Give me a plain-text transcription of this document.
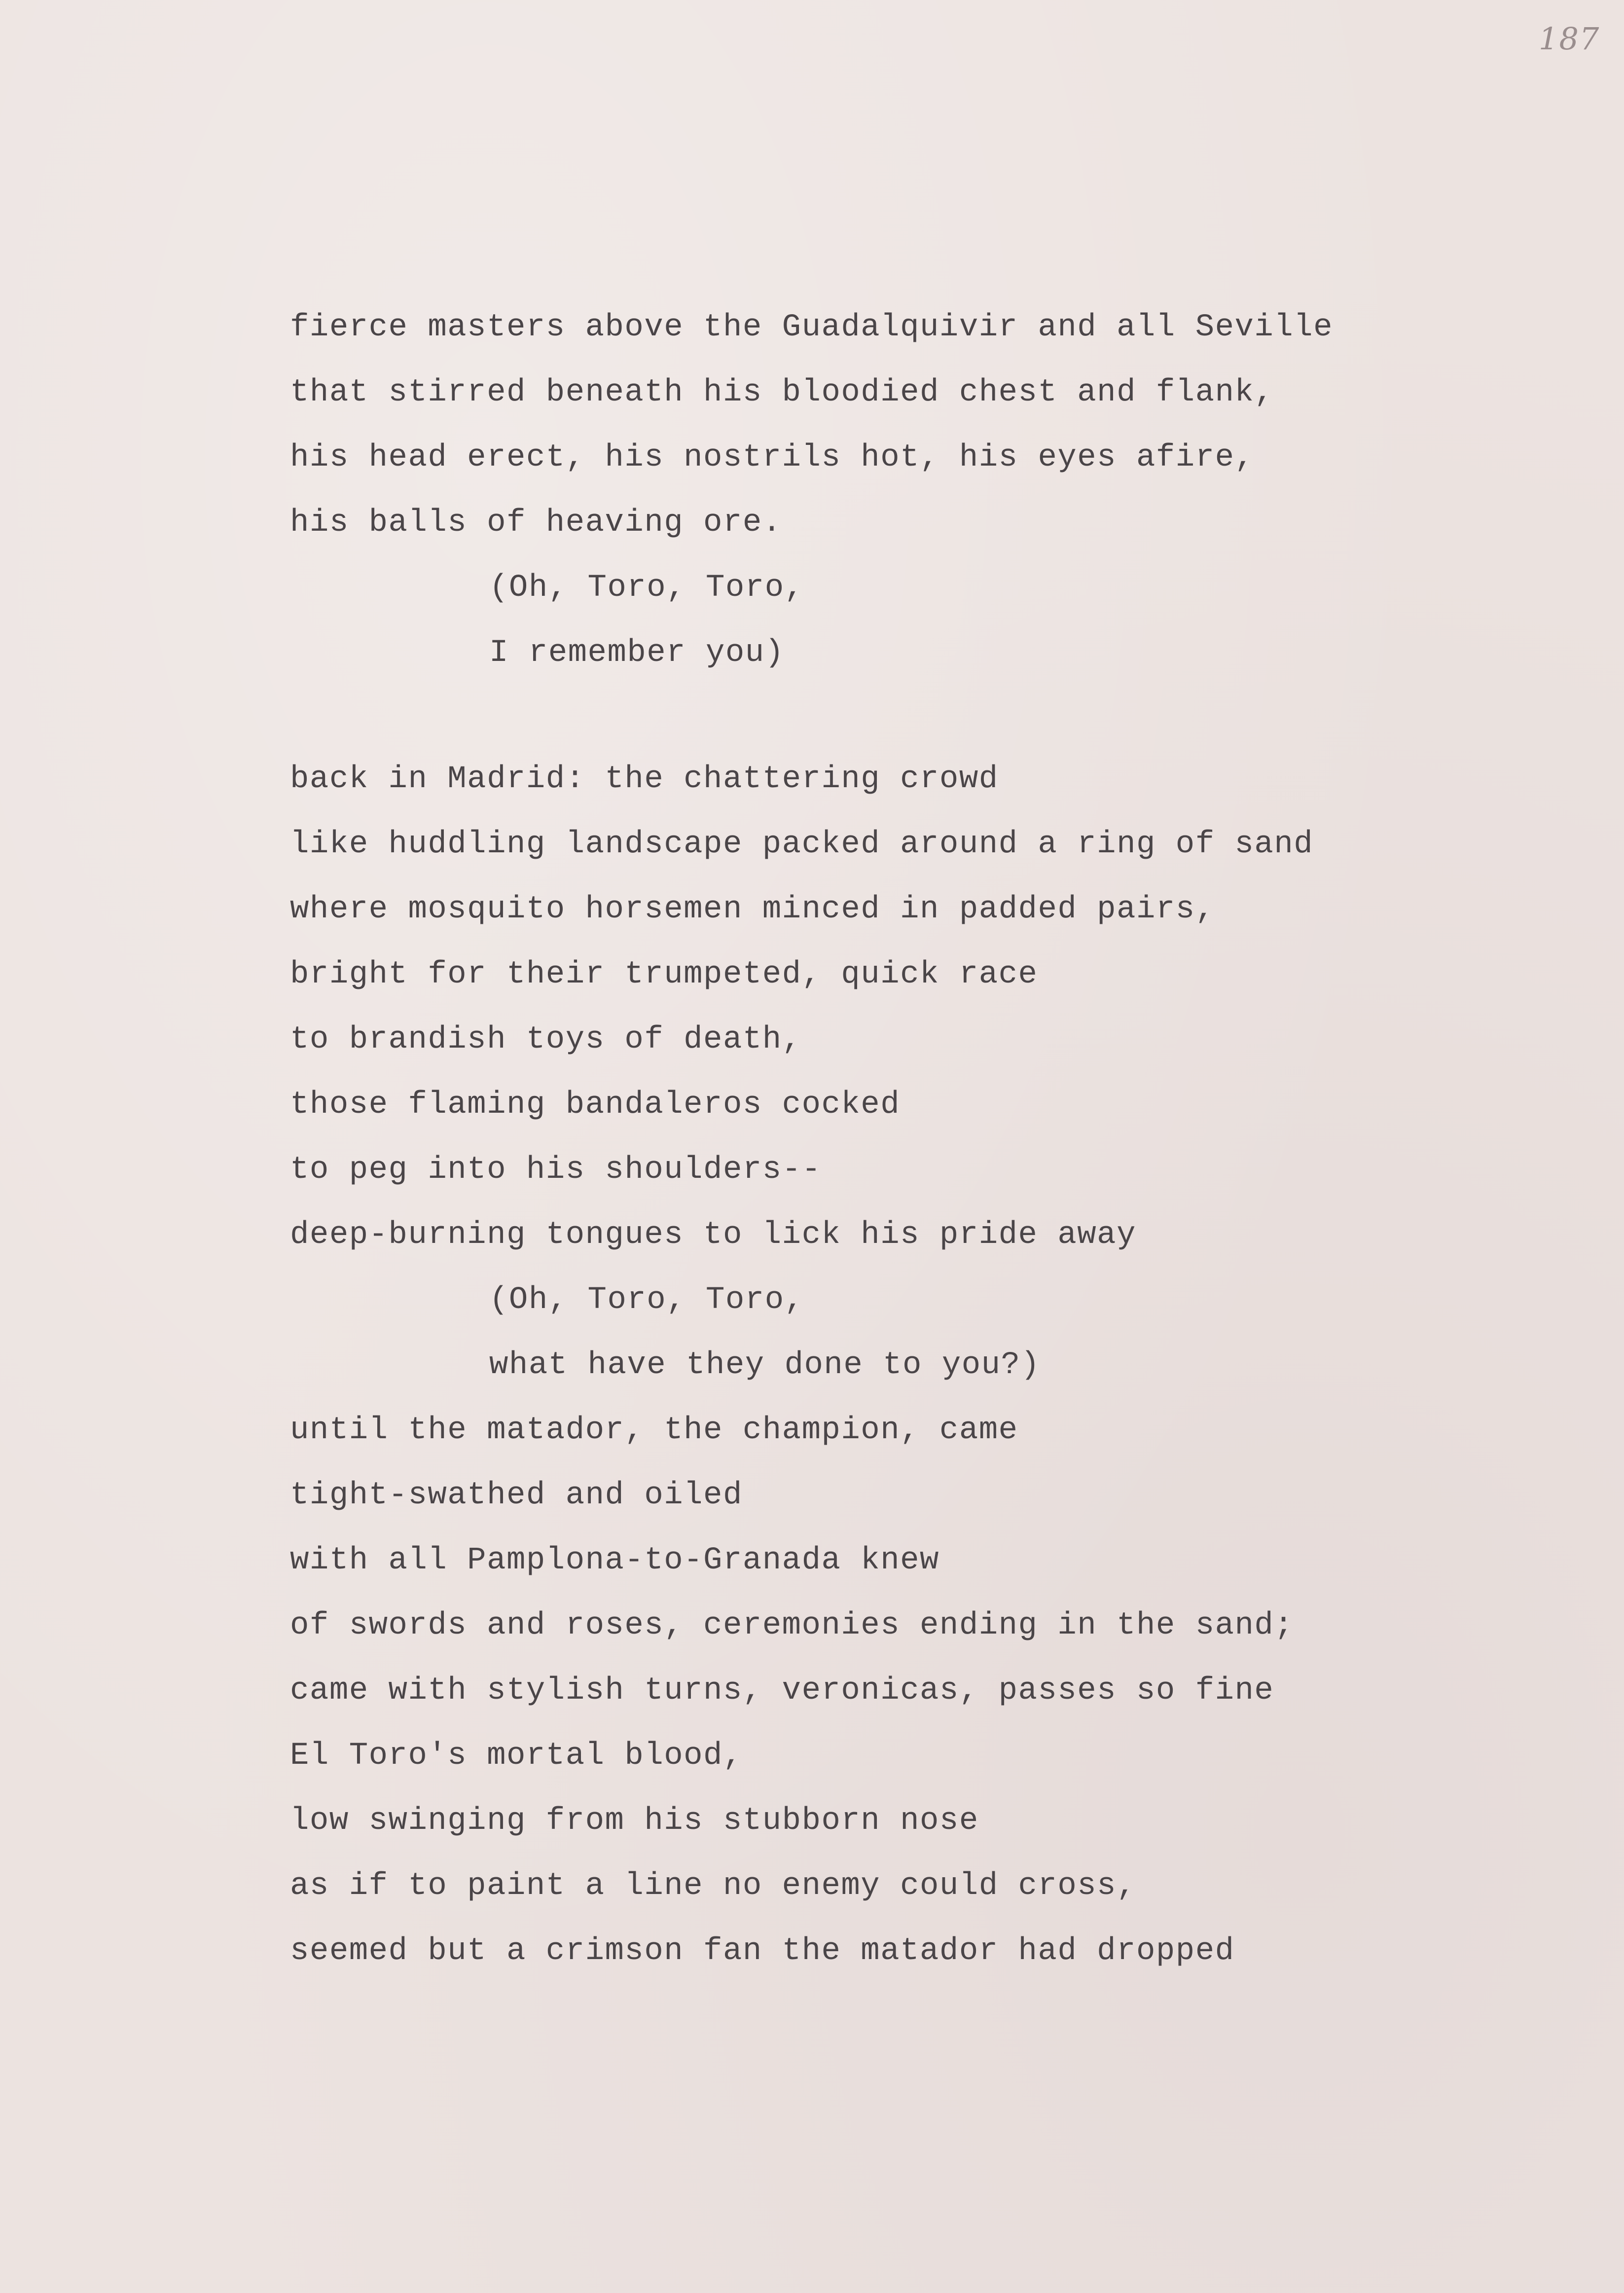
187
fierce masters above the Guadalquivir and all Seville
that stirred beneath his bloodied chest and flank,
his head erect, his nostrils hot, his eyes afire,
his balls of heaving ore.
(Oh, Toro, Toro,
I remember you)
back in Madrid: the chattering crowd
like huddling landscape packed around a ring of sand
where mosquito horsemen minced in padded pairs,
bright for their trumpeted, quick race
to brandish toys of death,
those flaming bandaleros cocked
to peg into his shoulders--
deep-burning tongues to lick his pride away
(Oh, Toro, Toro,
what have they done to you?)
until the matador, the champion, came
tight-swathed and oiled
with all Pamplona-to-Granada knew
of swords and roses, ceremonies ending in the sand;
came with stylish turns, veronicas, passes so fine
El Toro's mortal blood,
low swinging from his stubborn nose
as if to paint a line no enemy could cross,
seemed but a crimson fan the matador had dropped
